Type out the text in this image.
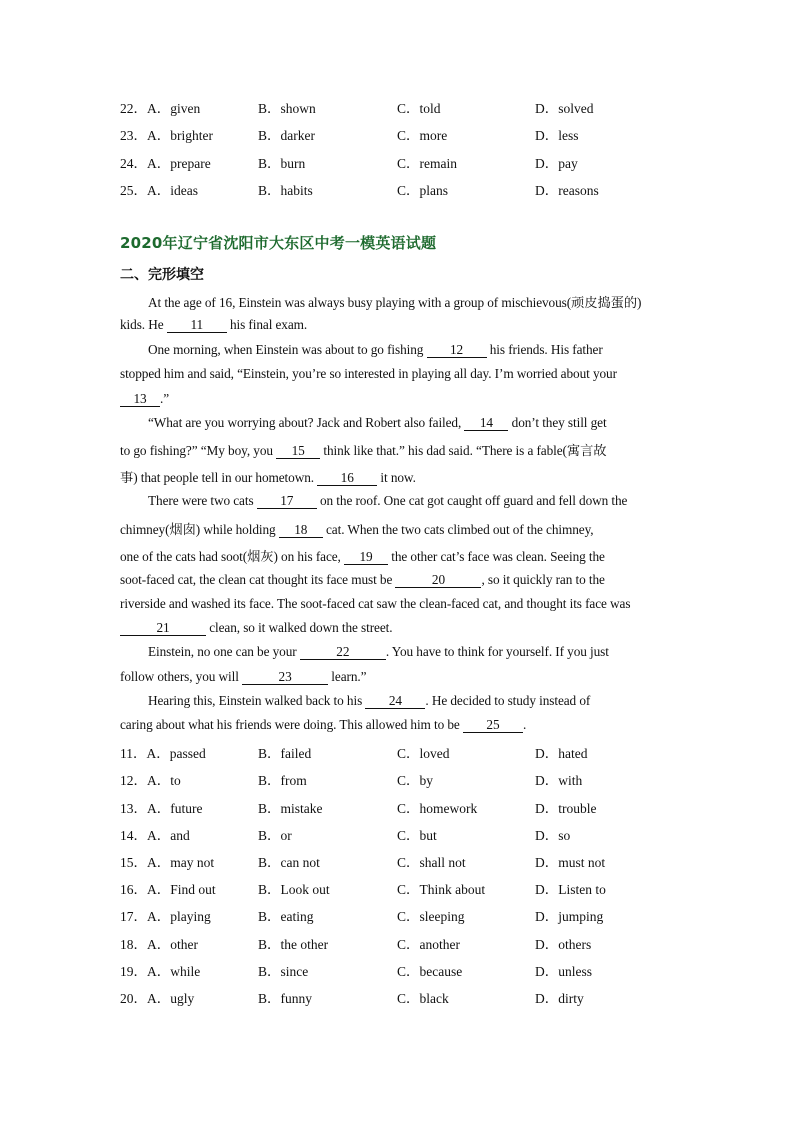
22．A．given	B．shown	C．told	D．solved
23．A．brighter	B．darker	C．more	D．less
24．A．prepare	B．burn	C．remain	D．pay
25．A．ideas	B．habits	C．plans	D．reasons
2020年辽宁省沈阳市大东区中考一模英语试题
二、完形填空
At the age of 16, Einstein was always busy playing with a group of mischievous(顽皮捣蛋的)
kids. He 11 his final exam.
One morning, when Einstein was about to go fishing 12 his friends. His father
stopped him and said, “Einstein, you’re so interested in playing all day. I’m worried about your
13 .”
“What are you worrying about? Jack and Robert also failed, 14 don’t they still get
to go fishing?” “My boy, you 15 think like that.” his dad said. “There is a fable(寓言故
事) that people tell in our hometown. 16 it now.
There were two cats 17 on the roof. One cat got caught off guard and fell down the
chimney(烟囱) while holding 18 cat. When the two cats climbed out of the chimney,
one of the cats had soot(烟灰) on his face, 19 the other cat’s face was clean. Seeing the
soot-faced cat, the clean cat thought its face must be	20	, so it quickly ran to the
riverside and washed its face. The soot-faced cat saw the clean-faced cat, and thought its face was
21	clean, so it walked down the street.
Einstein, no one can be your	22	. You have to think for yourself. If you just
follow others, you will	23	learn.”
Hearing this, Einstein walked back to his 24 . He decided to study instead of
caring about what his friends were doing. This allowed him to be 25 .
11．A．passed	B．failed	C．loved	D．hated
12．A．to	B．from	C．by	D．with
13．A．future	B．mistake	C．homework	D．trouble
14．A．and	B．or	C．but	D．so
15．A．may not	B．can not	C．shall not	D．must not
16．A．Find out	B．Look out	C．Think about	D．Listen to
17．A．playing	B．eating	C．sleeping	D．jumping
18．A．other	B．the other	C．another	D．others
19．A．while	B．since	C．because	D．unless
20．A．ugly	B．funny	C．black	D．dirty
